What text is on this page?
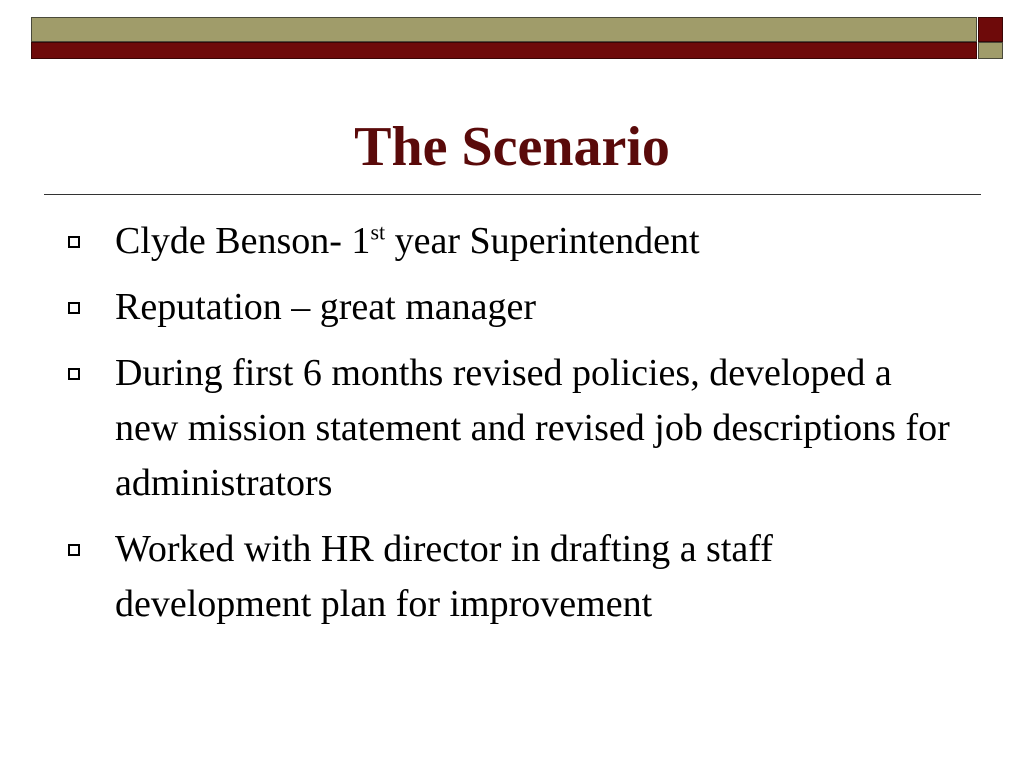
The Scenario
Clyde Benson- 1st year Superintendent
Reputation – great manager
During first 6 months revised policies, developed a new mission statement and revised job descriptions for administrators
Worked with HR director in drafting a staff development plan for improvement
